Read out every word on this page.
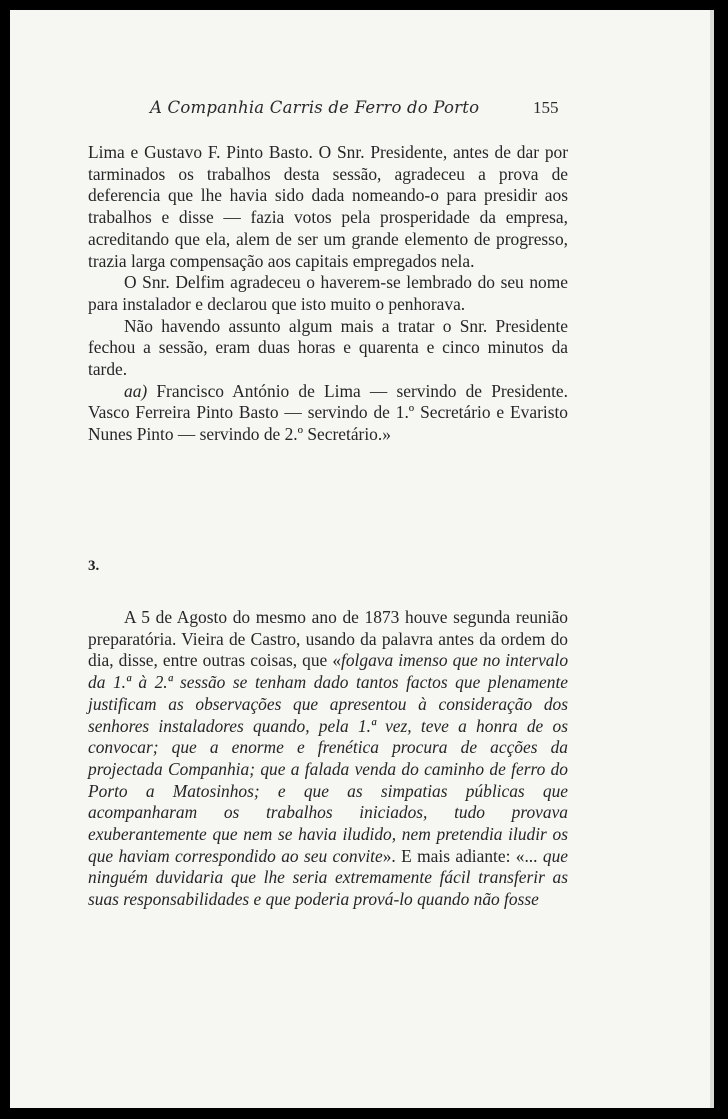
A Companhia Carris de Ferro do Porto	155

Lima e Gustavo F. Pinto Basto. O Snr. Presidente, antes de dar por tarminados os trabalhos desta sessão, agradeceu a prova de deferencia que lhe havia sido dada nomeando-o para presidir aos trabalhos e disse — fazia votos pela prosperidade da empresa, acreditando que ela, alem de ser um grande elemento de progresso, trazia larga compensação aos capitais empregados nela.

O Snr. Delfim agradeceu o haverem-se lembrado do seu nome para instalador e declarou que isto muito o penhorava.

Não havendo assunto algum mais a tratar o Snr. Presidente fechou a sessão, eram duas horas e quarenta e cinco minutos da tarde.

aa) Francisco António de Lima — servindo de Presidente. Vasco Ferreira Pinto Basto — servindo de 1.º Secretário e Evaristo Nunes Pinto — servindo de 2.º Secretário.»

3.

A 5 de Agosto do mesmo ano de 1873 houve segunda reunião preparatória. Vieira de Castro, usando da palavra antes da ordem do dia, disse, entre outras coisas, que «folgava imenso que no intervalo da 1.ª à 2.ª sessão se tenham dado tantos factos que plenamente justificam as observações que apresentou à consideração dos senhores instaladores quando, pela 1.ª vez, teve a honra de os convocar; que a enorme e frenética procura de acções da projectada Companhia; que a falada venda do caminho de ferro do Porto a Matosinhos; e que as simpatias públicas que acompanharam os trabalhos iniciados, tudo provava exuberantemente que nem se havia iludido, nem pretendia iludir os que haviam correspondido ao seu convite». E mais adiante: «... que ninguém duvidaria que lhe seria extremamente fácil transferir as suas responsabilidades e que poderia prová-lo quando não fosse
